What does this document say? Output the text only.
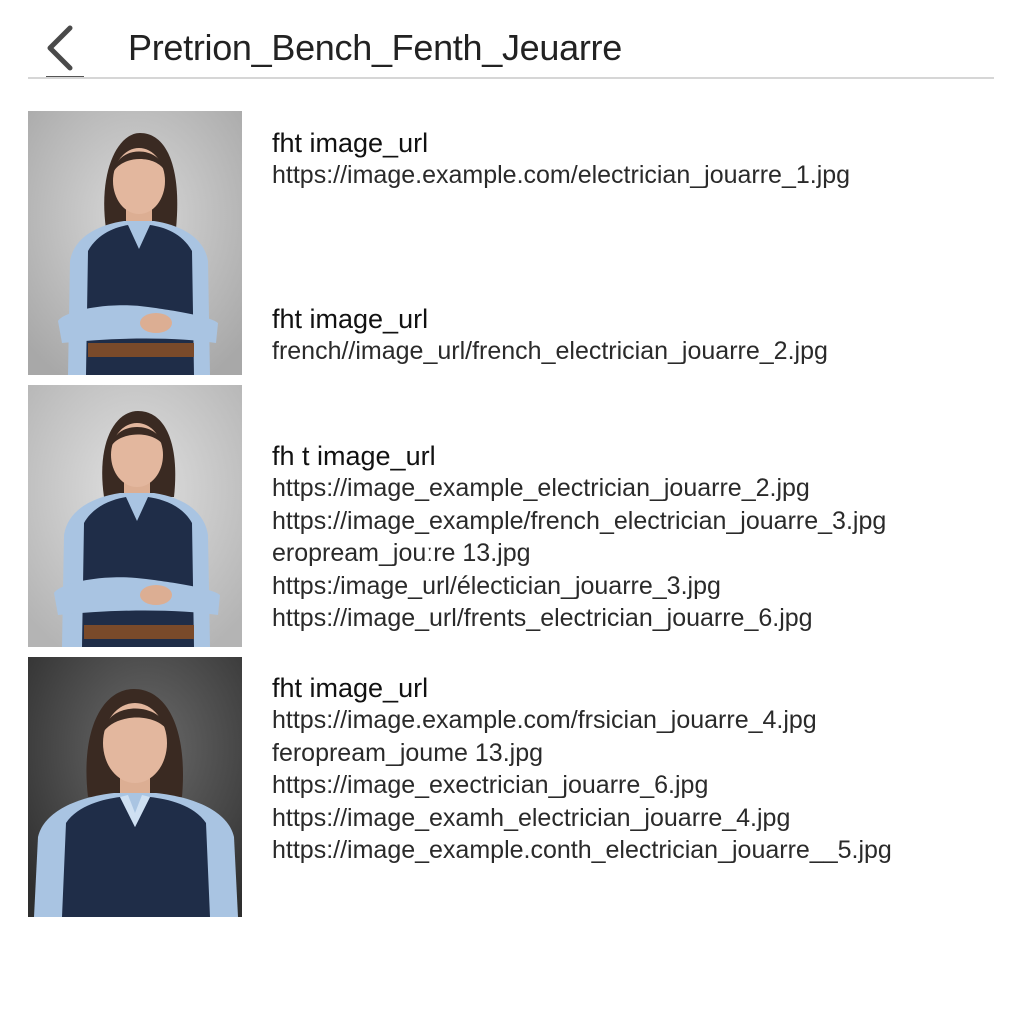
Pretrion_Bench_Fenth_Jeuarre
fht image_url
https://image.example.com/electrician_jouarre_1.jpg
fht image_url
french//image_url/french_electrician_jouarre_2.jpg
fh t image_url
https://image_example_electrician_jouarre_2.jpg
https://image_example/french_electrician_jouarre_3.jpg
eropream_jouːre 13.jpg
https:/image_url/électician_jouarre_3.jpg
https://image_url/frents_electrician_jouarre_6.jpg
fht image_url
https://image.example.com/frsician_jouarre_4.jpg
feropream_joume 13.jpg
https://image_exectrician_jouarre_6.jpg
https://image_examh_electrician_jouarre_4.jpg
https://image_example.conth_electrician_jouarre__5.jpg
